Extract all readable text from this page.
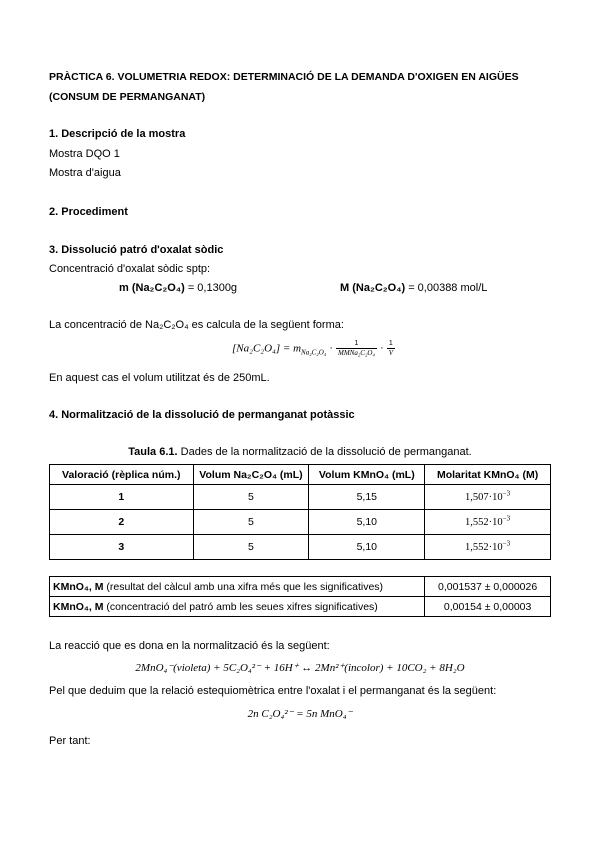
PRÀCTICA 6. VOLUMETRIA REDOX: DETERMINACIÓ DE LA DEMANDA D'OXIGEN EN AIGÜES
(CONSUM DE PERMANGANAT)
1. Descripció de la mostra
Mostra DQO 1
Mostra d'aigua
2. Procediment
3. Dissolució patró d'oxalat sòdic
Concentració d'oxalat sòdic sptp:
m (Na₂C₂O₄) = 0,1300g	M (Na₂C₂O₄) = 0,00388 mol/L
La concentració de Na₂C₂O₄ es calcula de la següent forma:
$[Na_2C_2O_4] = m_{Na_2C_2O_4} \cdot \frac{1}{\text{MMNa₂C₂O₄}} \cdot \frac{1}{V}$
En aquest cas el volum utilitzat és de 250mL.
4. Normalització de la dissolució de permanganat potàssic
Taula 6.1. Dades de la normalització de la dissolució de permanganat.
Valoració (rèplica núm.)	Volum Na₂C₂O₄ (mL)	Volum KMnO₄ (mL)	Molaritat KMnO₄ (M)
1	5	5,15	$1,507\cdot 10^{-3}$
2	5	5,10	$1,552\cdot 10^{-3}$
3	5	5,10	$1,552\cdot 10^{-3}$
KMnO₄, M (resultat del càlcul amb una xifra més que les significatives)	0,001537 ± 0,000026
KMnO₄, M (concentració del patró amb les seues xifres significatives)	0,00154 ± 0,00003
La reacció que es dona en la normalització és la següent:
2MnO₄⁻(violeta) + 5C₂O₄²⁻ + 16H⁺ ↔ 2Mn²⁺(incolor) + 10CO₂ + 8H₂O
Pel que deduim que la relació estequiomètrica entre l'oxalat i el permanganat és la següent:
2n C₂O₄²⁻ = 5n MnO₄⁻
Per tant:
